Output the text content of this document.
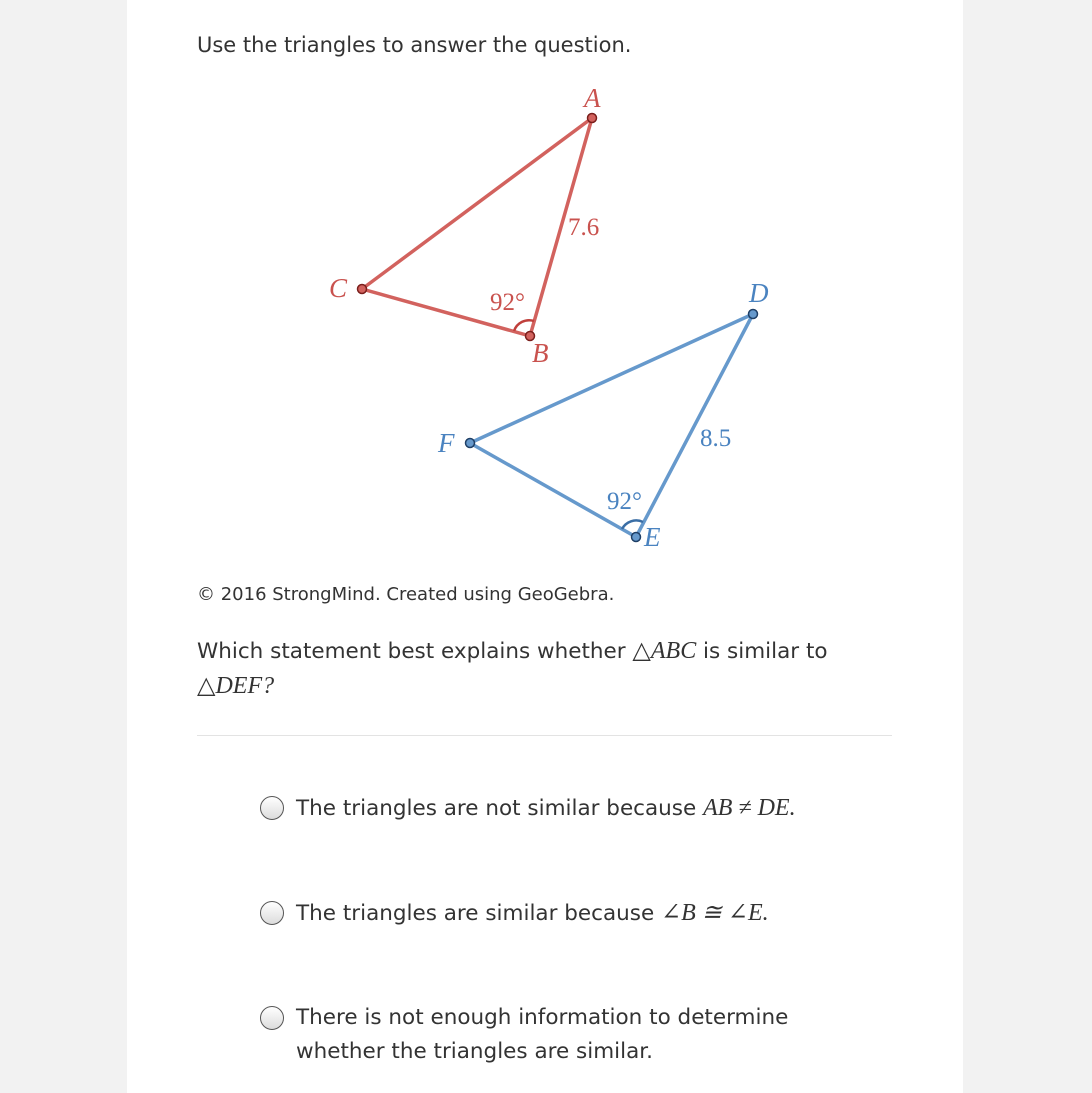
Use the triangles to answer the question.
A
B
C
7.6
92°	D
E
F	8.5
92°
© 2016 StrongMind. Created using GeoGebra.
Which statement best explains whether △ABC is similar to
△DEF?
The triangles are not similar because AB ≠ DE.
The triangles are similar because ∠B ≅ ∠E.
There is not enough information to determine whether the triangles are similar.
